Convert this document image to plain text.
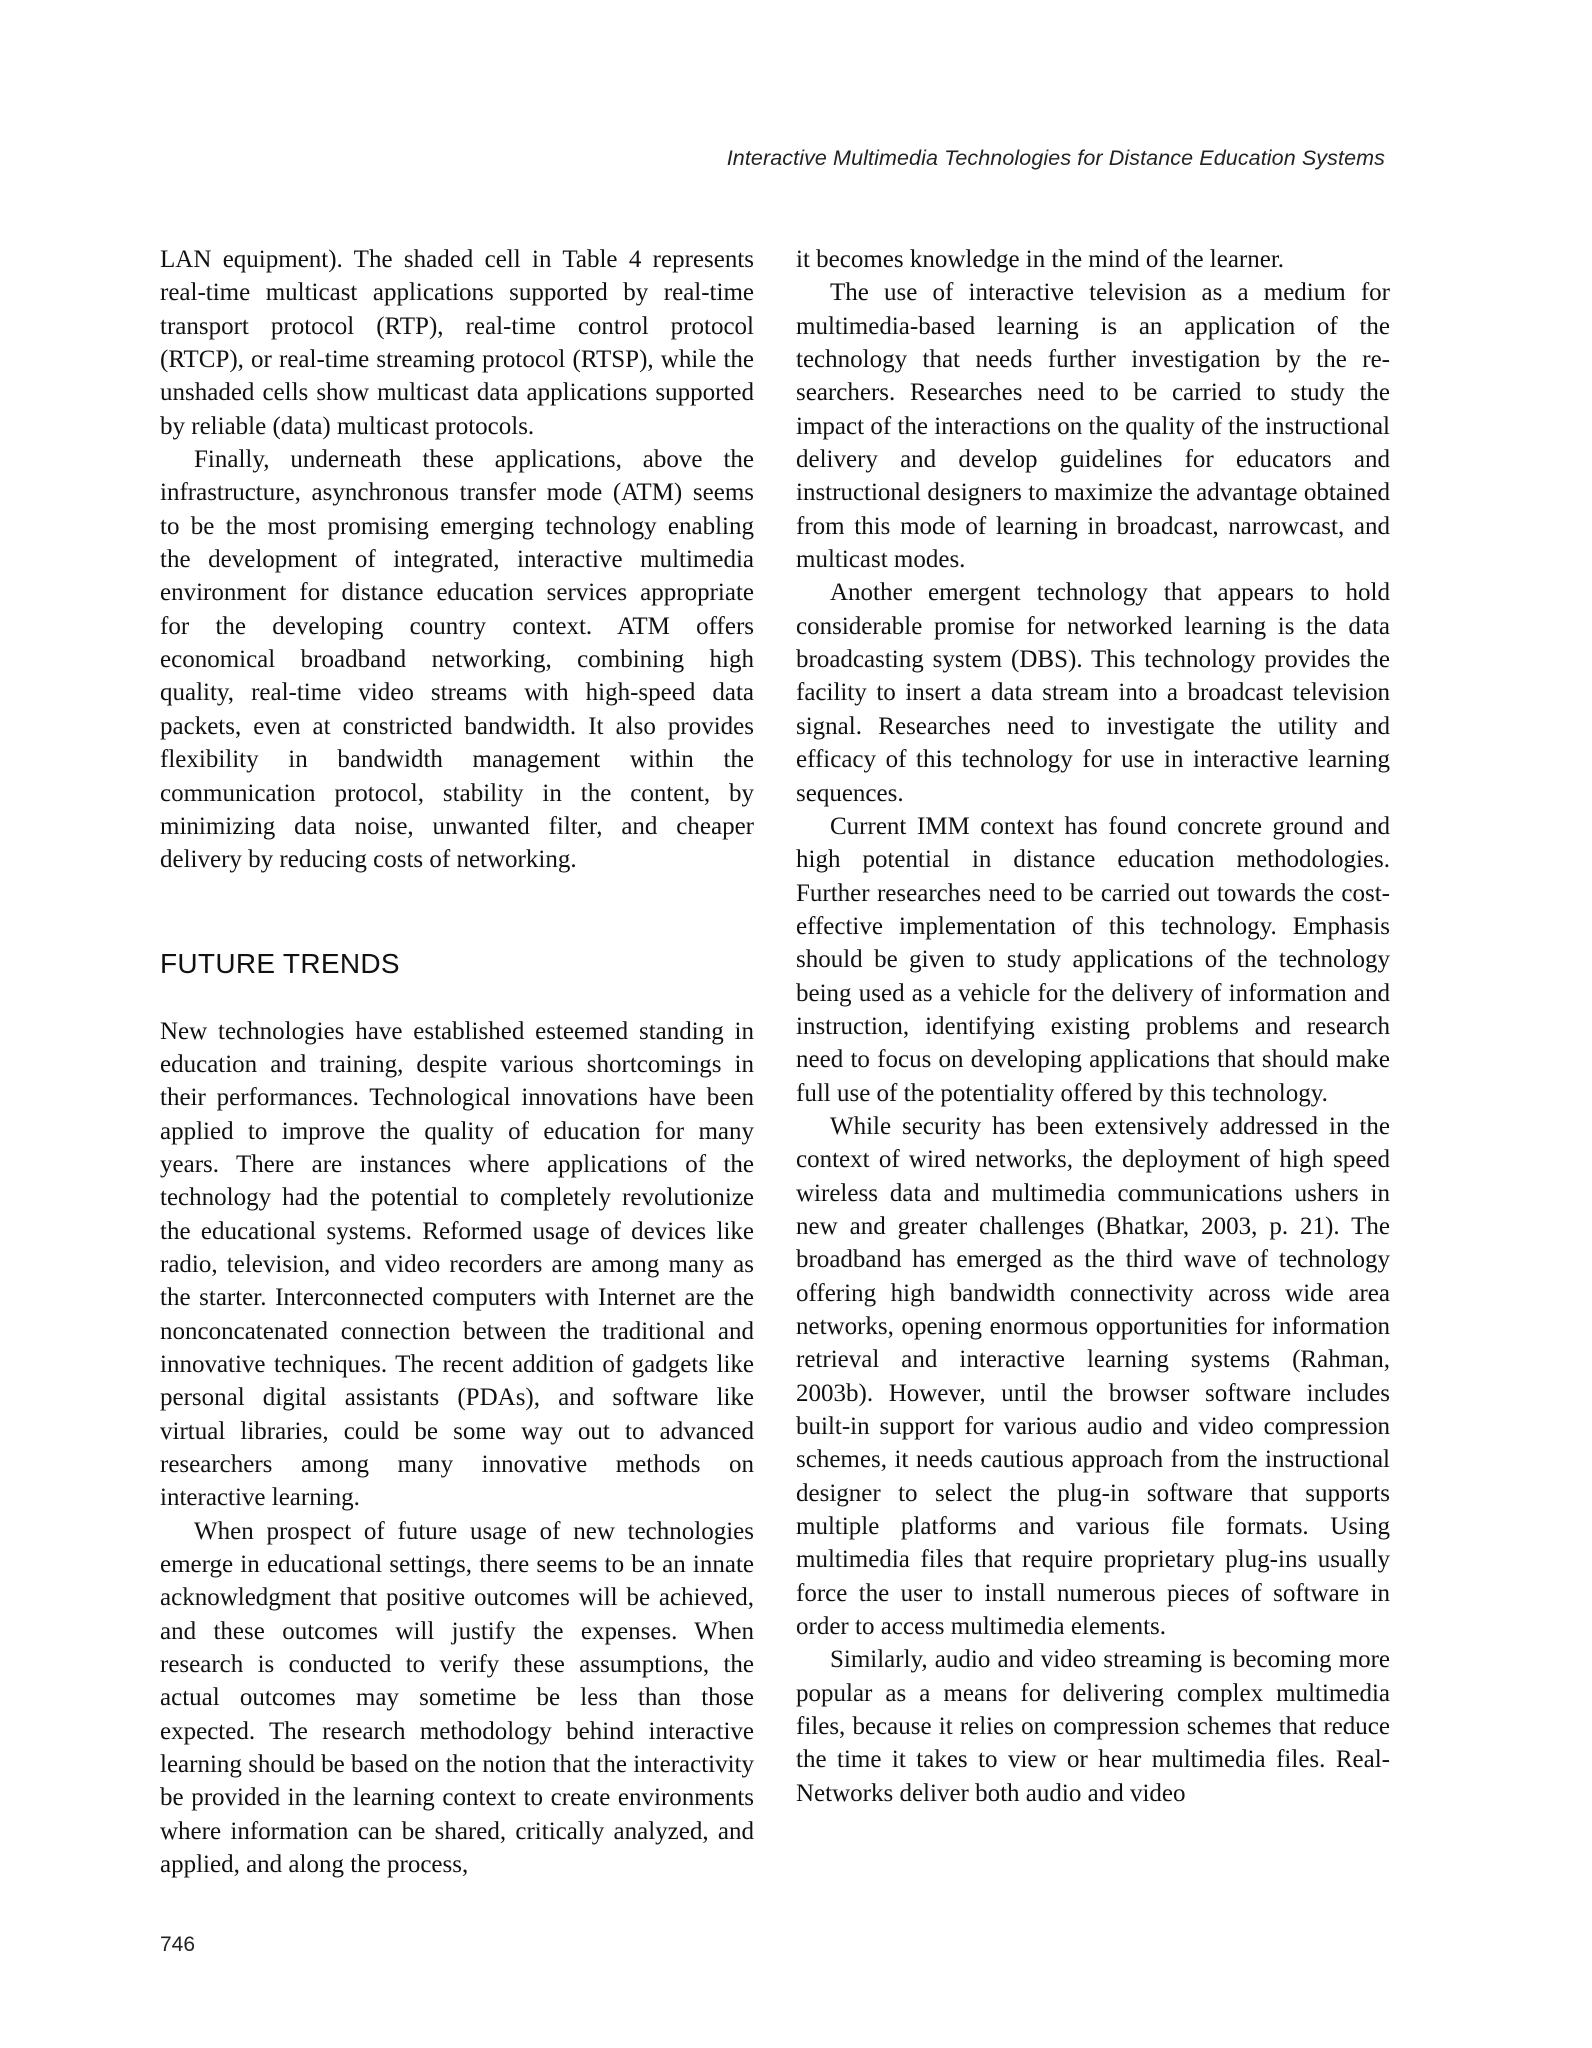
Interactive Multimedia Technologies for Distance Education Systems

LAN equipment). The shaded cell in Table 4 represents real-time multicast applications supported by real-time transport protocol (RTP), real-time control protocol (RTCP), or real-time streaming protocol (RTSP), while the unshaded cells show multicast data applications supported by reliable (data) multicast protocols.

Finally, underneath these applications, above the infrastructure, asynchronous transfer mode (ATM) seems to be the most promising emerging technology enabling the development of integrated, interactive multimedia environment for distance education services appropriate for the developing country context. ATM offers economical broadband networking, combining high quality, real-time video streams with high-speed data packets, even at constricted bandwidth. It also provides flexibility in bandwidth management within the communication protocol, stability in the content, by minimizing data noise, unwanted filter, and cheaper delivery by reducing costs of networking.

FUTURE TRENDS

New technologies have established esteemed standing in education and training, despite various shortcomings in their performances. Technological innovations have been applied to improve the quality of education for many years. There are instances where applications of the technology had the potential to completely revolutionize the educational systems. Reformed usage of devices like radio, television, and video recorders are among many as the starter. Interconnected computers with Internet are the nonconcatenated connection between the traditional and innovative techniques. The recent addition of gadgets like personal digital assistants (PDAs), and software like virtual libraries, could be some way out to advanced researchers among many innovative methods on interactive learning.

When prospect of future usage of new technologies emerge in educational settings, there seems to be an innate acknowledgment that positive outcomes will be achieved, and these outcomes will justify the expenses. When research is conducted to verify these assumptions, the actual outcomes may sometime be less than those expected. The research methodology behind interactive learning should be based on the notion that the interactivity be provided in the learning context to create environments where information can be shared, critically analyzed, and applied, and along the process,

it becomes knowledge in the mind of the learner.

The use of interactive television as a medium for multimedia-based learning is an application of the technology that needs further investigation by the researchers. Researches need to be carried to study the impact of the interactions on the quality of the instructional delivery and develop guidelines for educators and instructional designers to maximize the advantage obtained from this mode of learning in broadcast, narrowcast, and multicast modes.

Another emergent technology that appears to hold considerable promise for networked learning is the data broadcasting system (DBS). This technology provides the facility to insert a data stream into a broadcast television signal. Researches need to investigate the utility and efficacy of this technology for use in interactive learning sequences.

Current IMM context has found concrete ground and high potential in distance education methodologies. Further researches need to be carried out towards the cost-effective implementation of this technology. Emphasis should be given to study applications of the technology being used as a vehicle for the delivery of information and instruction, identifying existing problems and research need to focus on developing applications that should make full use of the potentiality offered by this technology.

While security has been extensively addressed in the context of wired networks, the deployment of high speed wireless data and multimedia communications ushers in new and greater challenges (Bhatkar, 2003, p. 21). The broadband has emerged as the third wave of technology offering high bandwidth connectivity across wide area networks, opening enormous opportunities for information retrieval and interactive learning systems (Rahman, 2003b). However, until the browser software includes built-in support for various audio and video compression schemes, it needs cautious approach from the instructional designer to select the plug-in software that supports multiple platforms and various file formats. Using multimedia files that require proprietary plug-ins usually force the user to install numerous pieces of software in order to access multimedia elements.

Similarly, audio and video streaming is becoming more popular as a means for delivering complex multimedia files, because it relies on compression schemes that reduce the time it takes to view or hear multimedia files. Real-Networks deliver both audio and video

746
